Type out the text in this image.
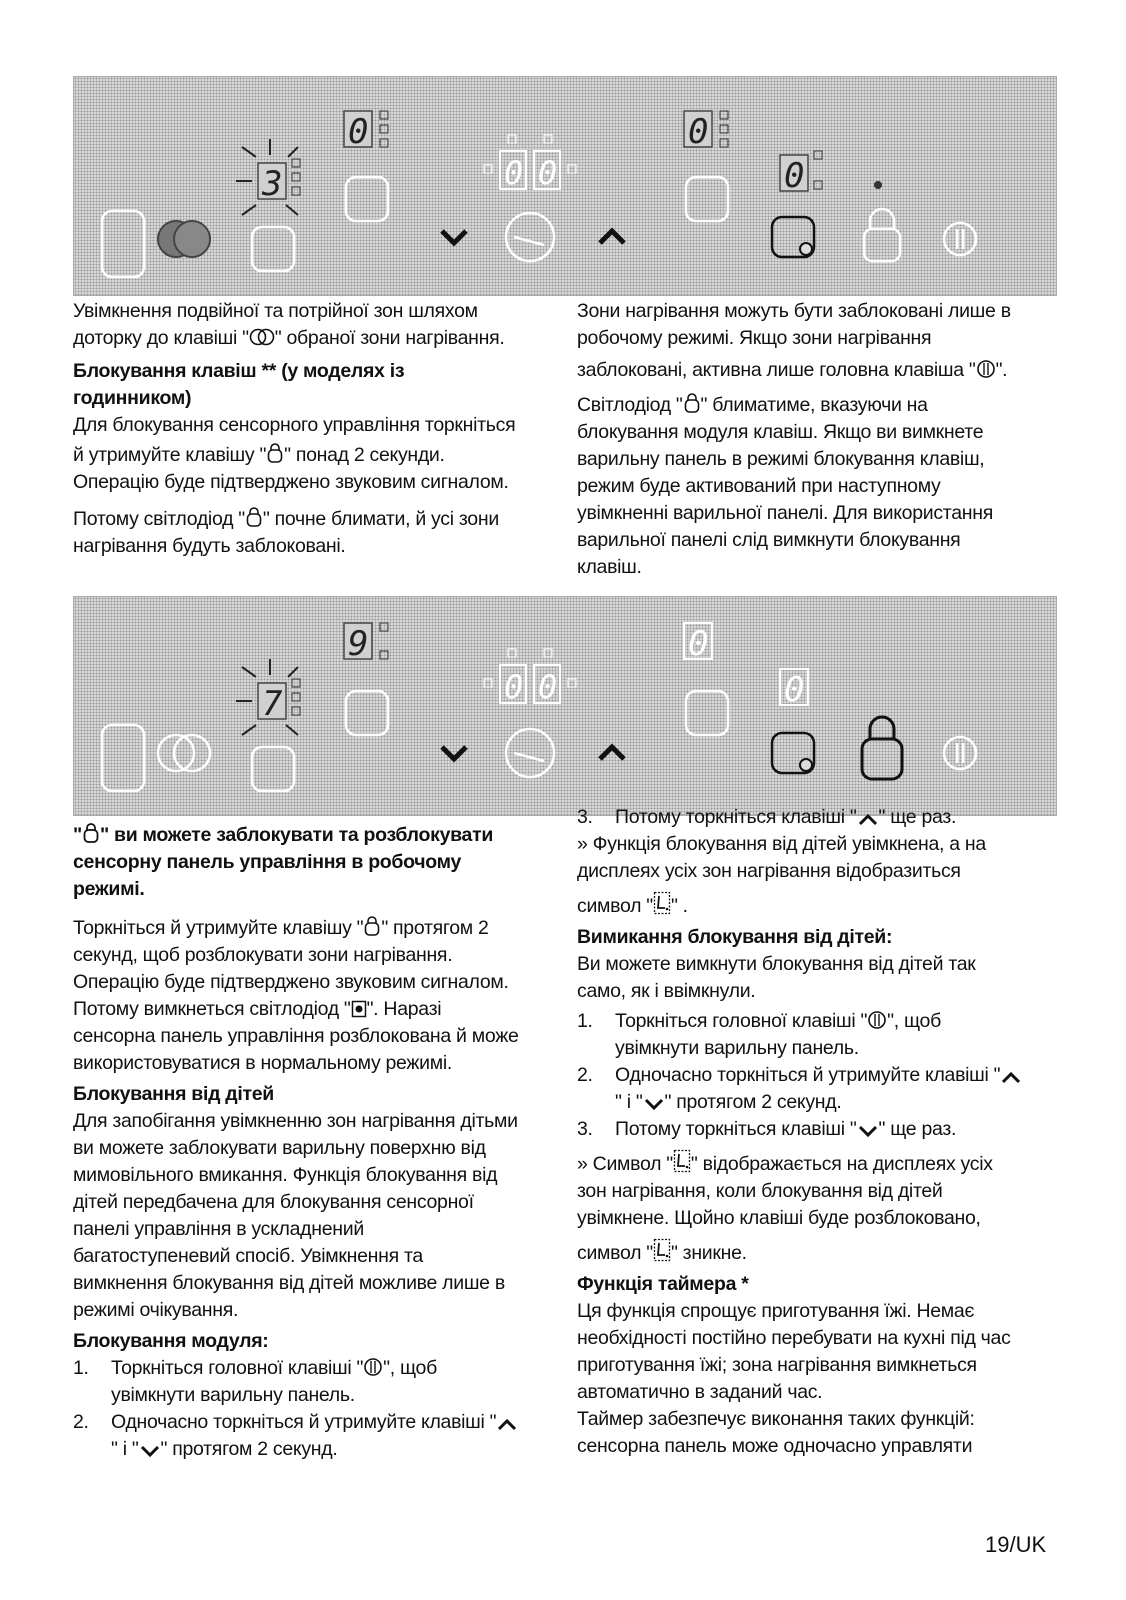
3
0
0 0
0
0

Увімкнення подвійної та потрійної зон шляхом

доторку до клавіші " " обраної зони нагрівання.

Блокування клавіш ** (у моделях із

годинником)

Для блокування сенсорного управління торкніться

й утримуйте клавішу " " понад 2 секунди.

Операцію буде підтверджено звуковим сигналом.

Потому світлодіод " " почне блимати, й усі зони

нагрівання будуть заблоковані.

Зони нагрівання можуть бути заблоковані лише в

робочому режимі. Якщо зони нагрівання

заблоковані, активна лише головна клавіша " ".

Світлодіод " " блиматиме, вказуючи на

блокування модуля клавіш. Якщо ви вимкнете

варильну панель в режимі блокування клавіш,

режим буде активований при наступному

увімкненні варильної панелі. Для використання

варильної панелі слід вимкнути блокування

клавіш.

7
9
0 0
0
0

" " ви можете заблокувати та розблокувати

сенсорну панель управління в робочому

режимі.

Торкніться й утримуйте клавішу " " протягом 2

секунд, щоб розблокувати зони нагрівання.

Операцію буде підтверджено звуковим сигналом.

Потому вимкнеться світлодіод " ". Наразі

сенсорна панель управління розблокована й може

використовуватися в нормальному режимі.

Блокування від дітей

Для запобігання увімкненню зон нагрівання дітьми

ви можете заблокувати варильну поверхню від

мимовільного вмикання. Функція блокування від

дітей передбачена для блокування сенсорної

панелі управління в ускладнений

багатоступеневий спосіб. Увімкнення та

вимкнення блокування від дітей можливе лише в

режимі очікування.

Блокування модуля:

1. Торкніться головної клавіші " ", щоб
увімкнути варильну панель.
2. Одночасно торкніться й утримуйте клавіші "
" і " " протягом 2 секунд.
3. Потому торкніться клавіші " " ще раз.

» Функція блокування від дітей увімкнена, а на

дисплеях усіх зон нагрівання відобразиться

символ " " .

Вимикання блокування від дітей:

Ви можете вимкнути блокування від дітей так

само, як і ввімкнули.

1. Торкніться головної клавіші " ", щоб
увімкнути варильну панель.
2. Одночасно торкніться й утримуйте клавіші "
" і " " протягом 2 секунд.
3. Потому торкніться клавіші " " ще раз.

» Символ " " відображається на дисплеях усіх

зон нагрівання, коли блокування від дітей

увімкнене. Щойно клавіші буде розблоковано,

символ " " зникне.

Функція таймера *

Ця функція спрощує приготування їжі. Немає

необхідності постійно перебувати на кухні під час

приготування їжі; зона нагрівання вимкнеться

автоматично в заданий час.

Таймер забезпечує виконання таких функцій:

сенсорна панель може одночасно управляти

19/UK
